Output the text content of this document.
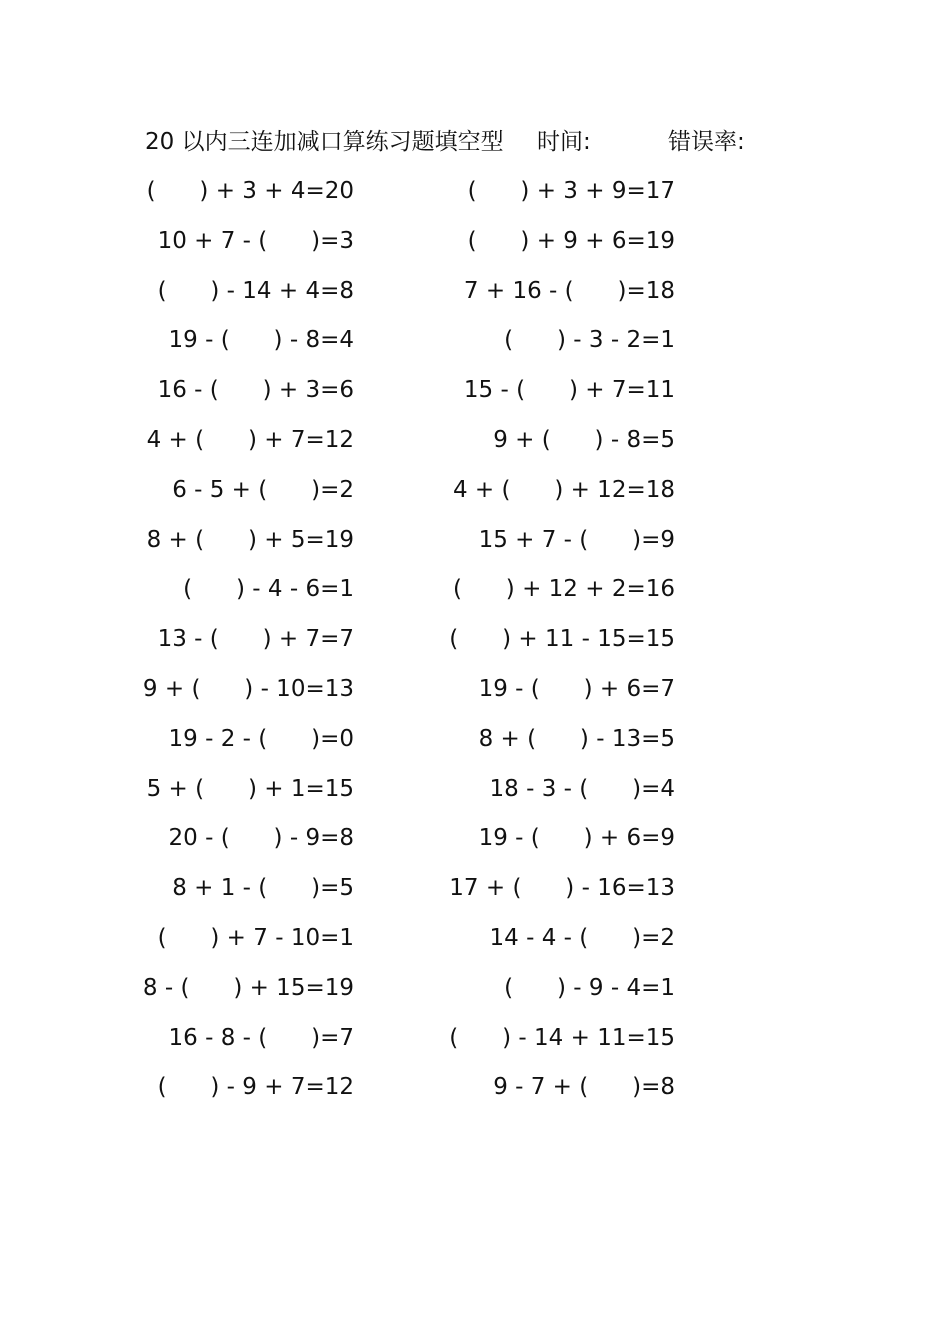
20 以内三连加减口算练习题填空型 时间:	错误率:
(      ) + 3 + 4=20
10 + 7 - (      )=3
(      ) - 14 + 4=8
19 - (      ) - 8=4
16 - (      ) + 3=6
4 + (      ) + 7=12
6 - 5 + (      )=2
8 + (      ) + 5=19
(      ) - 4 - 6=1
13 - (      ) + 7=7
9 + (      ) - 10=13
19 - 2 - (      )=0
5 + (      ) + 1=15
20 - (      ) - 9=8
8 + 1 - (      )=5
(      ) + 7 - 10=1
8 - (      ) + 15=19
16 - 8 - (      )=7
(      ) - 9 + 7=12
(      ) + 3 + 9=17
(      ) + 9 + 6=19
7 + 16 - (      )=18
(      ) - 3 - 2=1
15 - (      ) + 7=11
9 + (      ) - 8=5
4 + (      ) + 12=18
15 + 7 - (      )=9
(      ) + 12 + 2=16
(      ) + 11 - 15=15
19 - (      ) + 6=7
8 + (      ) - 13=5
18 - 3 - (      )=4
19 - (      ) + 6=9
17 + (      ) - 16=13
14 - 4 - (      )=2
(      ) - 9 - 4=1
(      ) - 14 + 11=15
9 - 7 + (      )=8
